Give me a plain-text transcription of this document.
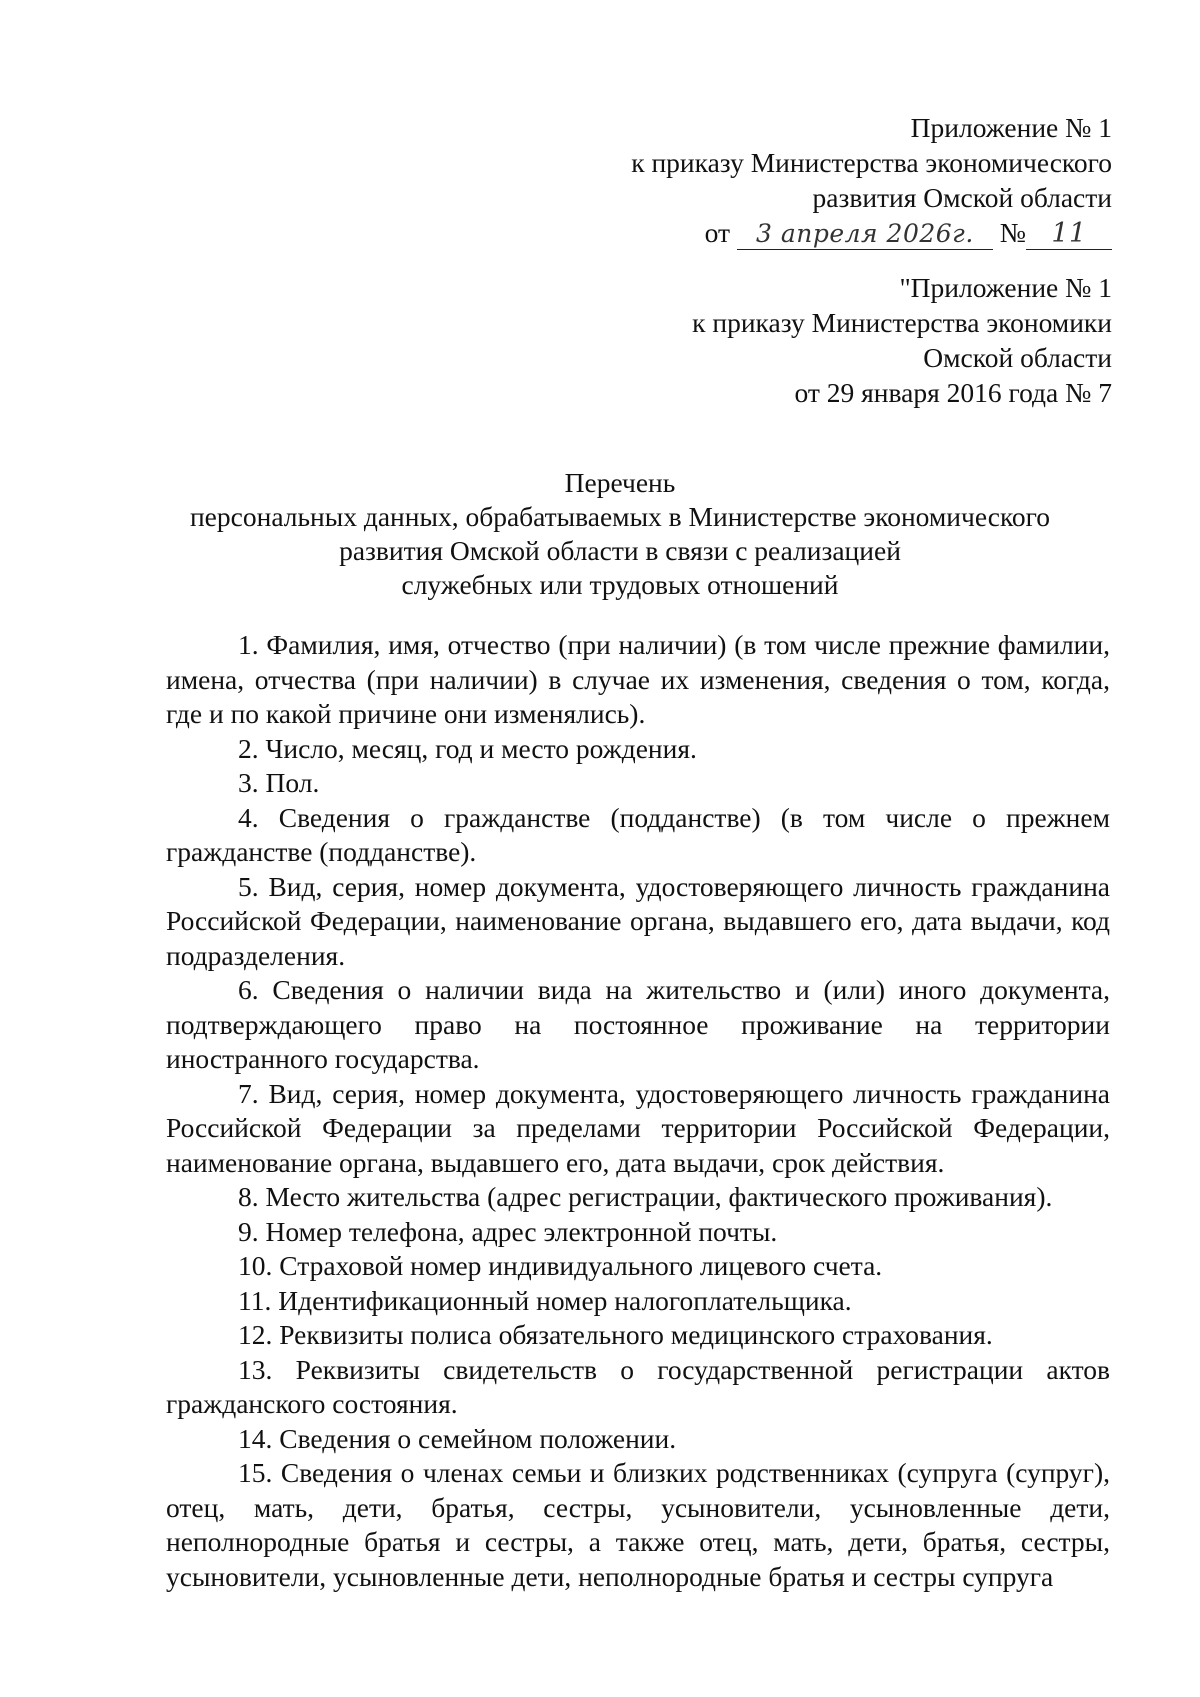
Приложение № 1
к приказу Министерства экономического
развития Омской области
от 3 апреля 2026г. № 11
"Приложение № 1
к приказу Министерства экономики
Омской области
от 29 января 2016 года № 7
Перечень
персональных данных, обрабатываемых в Министерстве экономического
развития Омской области в связи с реализацией
служебных или трудовых отношений

1. Фамилия, имя, отчество (при наличии) (в том числе прежние фамилии, имена, отчества (при наличии) в случае их изменения, сведения о том, когда, где и по какой причине они изменялись).

2. Число, месяц, год и место рождения.

3. Пол.

4. Сведения о гражданстве (подданстве) (в том числе о прежнем гражданстве (подданстве).

5. Вид, серия, номер документа, удостоверяющего личность гражданина Российской Федерации, наименование органа, выдавшего его, дата выдачи, код подразделения.

6. Сведения о наличии вида на жительство и (или) иного документа, подтверждающего право на постоянное проживание на территории иностранного государства.

7. Вид, серия, номер документа, удостоверяющего личность гражданина Российской Федерации за пределами территории Российской Федерации, наименование органа, выдавшего его, дата выдачи, срок действия.

8. Место жительства (адрес регистрации, фактического проживания).

9. Номер телефона, адрес электронной почты.

10. Страховой номер индивидуального лицевого счета.

11. Идентификационный номер налогоплательщика.

12. Реквизиты полиса обязательного медицинского страхования.

13. Реквизиты свидетельств о государственной регистрации актов гражданского состояния.

14. Сведения о семейном положении.

15. Сведения о членах семьи и близких родственниках (супруга (супруг), отец, мать, дети, братья, сестры, усыновители, усыновленные дети, неполнородные братья и сестры, а также отец, мать, дети, братья, сестры, усыновители, усыновленные дети, неполнородные братья и сестры супруга
